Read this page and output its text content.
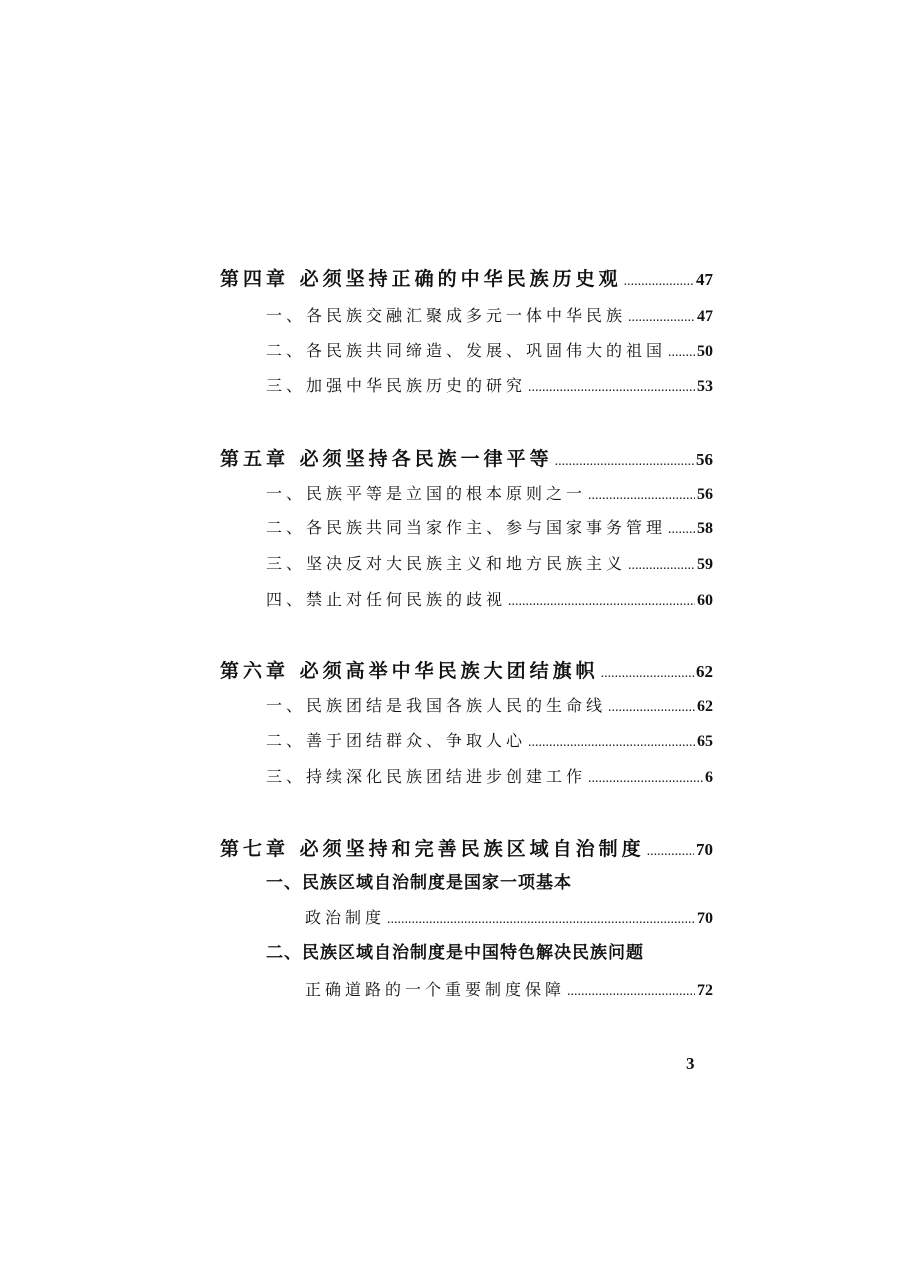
第四章 必须坚持正确的中华民族历史观 .....	47
一、各民族交融汇聚成多元一体中华民族 .....	47
二、各民族共同缔造、发展、巩固伟大的祖国 ..... 50
三、加强中华民族历史的研究 .....	53
第五章 必须坚持各民族一律平等 .....	56
一、民族平等是立国的根本原则之一 .....	56
二、各民族共同当家作主、参与国家事务管理 ..... 58
三、坚决反对大民族主义和地方民族主义 .....	59
四、禁止对任何民族的歧视 .....	60
第六章 必须高举中华民族大团结旗帜 .....	62
一、民族团结是我国各族人民的生命线 .....	62
二、善于团结群众、争取人心 .....	65
三、持续深化民族团结进步创建工作 .....	6
第七章 必须坚持和完善民族区域自治制度 .....	70
一、民族区域自治制度是国家一项基本
政治制度 .....	70
二、民族区域自治制度是中国特色解决民族问题
正确道路的一个重要制度保障 .....	72
3
